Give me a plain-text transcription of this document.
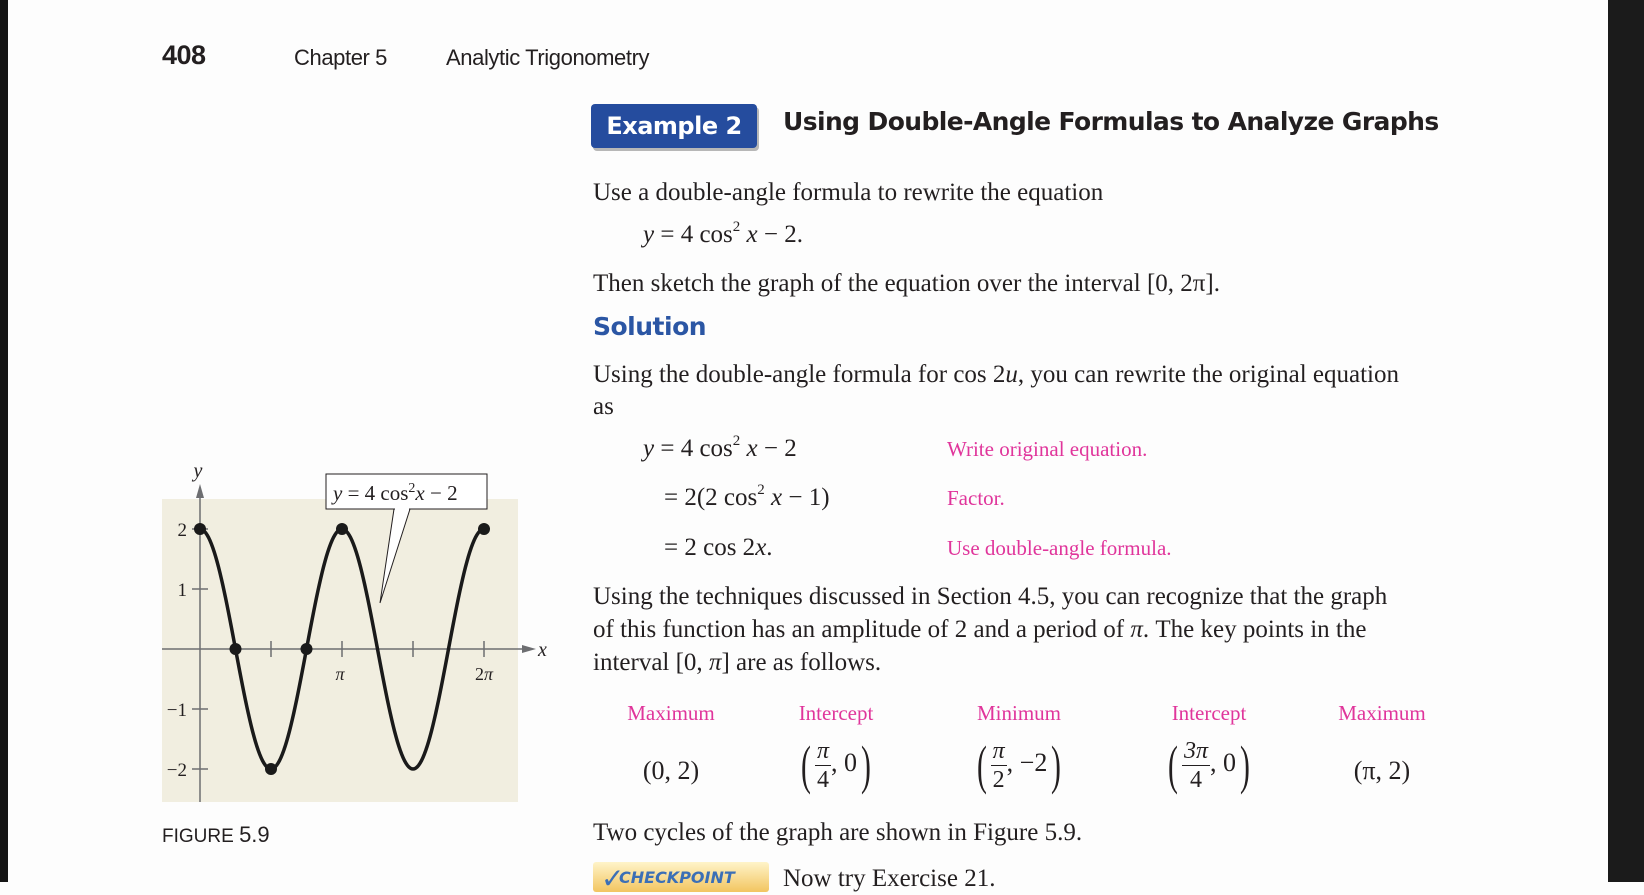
408	Chapter 5	Analytic Trigonometry
Example 2	Using Double-Angle Formulas to Analyze Graphs
Use a double-angle formula to rewrite the equation
y = 4 $\cos^2 x - 2$.
Then sketch the graph of the equation over the interval [0, 2π].
Solution
Using the double-angle formula for cos 2u, you can rewrite the original equation
as
y = 4 $\cos^2 x - 2$	Write original equation.
= 2(2 $\cos^2 x - 1$)	Factor.
= 2 cos 2x.	Use double-angle formula.
Using the techniques discussed in Section 4.5, you can recognize that the graph
of this function has an amplitude of 2 and a period of π. The key points in the
interval [0, π] are as follows.
Maximum	Intercept	Minimum	Intercept	Maximum
(0, 2)	( $\frac{\pi}{4}$ , 0)	( $\frac{\pi}{2}$ , −2)	( $\frac{3\pi}{4}$ , 0)	(π, 2)
Two cycles of the graph are shown in Figure 5.9.
✓
CHECKPOINT Now try Exercise 21.
y
x
π	2π
2
1
−1
−2
y = 4 $\cos^2x - 2$
FIGURE 5.9
